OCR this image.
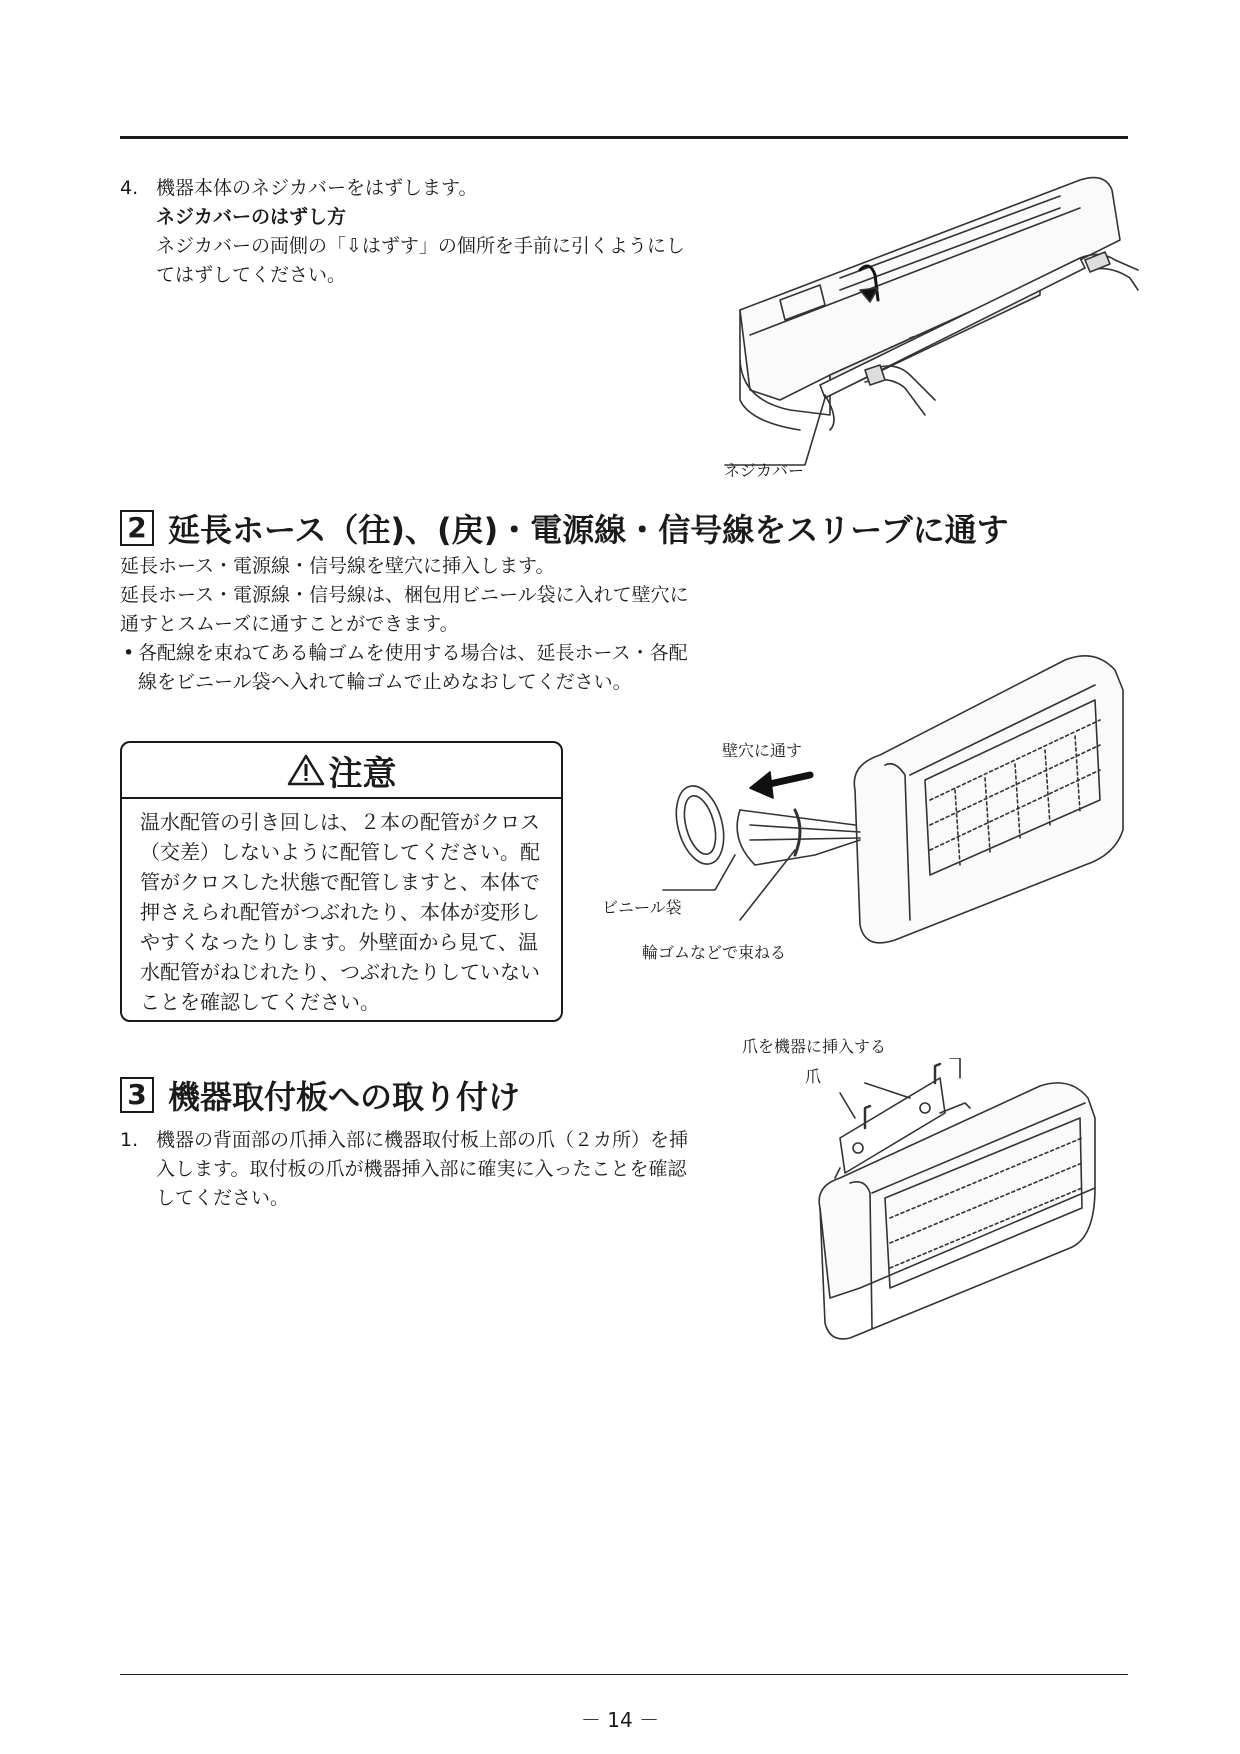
4. 機器本体のネジカバーをはずします。
ネジカバーのはずし方
ネジカバーの両側の「⇩はずす」の個所を手前に引くようにしてはずしてください。
ネジカバー
2 延長ホース（往)、(戻)・電源線・信号線をスリーブに通す

延長ホース・電源線・信号線を壁穴に挿入します。

延長ホース・電源線・信号線は、梱包用ビニール袋に入れて壁穴に通すとスムーズに通すことができます。

• 各配線を束ねてある輪ゴムを使用する場合は、延長ホース・各配線をビニール袋へ入れて輪ゴムで止めなおしてください。

注意
温水配管の引き回しは、２本の配管がクロス（交差）しないように配管してください。配管がクロスした状態で配管しますと、本体で押さえられ配管がつぶれたり、本体が変形しやすくなったりします。外壁面から見て、温水配管がねじれたり、つぶれたりしていないことを確認してください。
壁穴に通す
ビニール袋
輪ゴムなどで束ねる
3 機器取付板への取り付け
1. 機器の背面部の爪挿入部に機器取付板上部の爪（２カ所）を挿入します。取付板の爪が機器挿入部に確実に入ったことを確認してください。
爪を機器に挿入する
爪
－ 14 －
